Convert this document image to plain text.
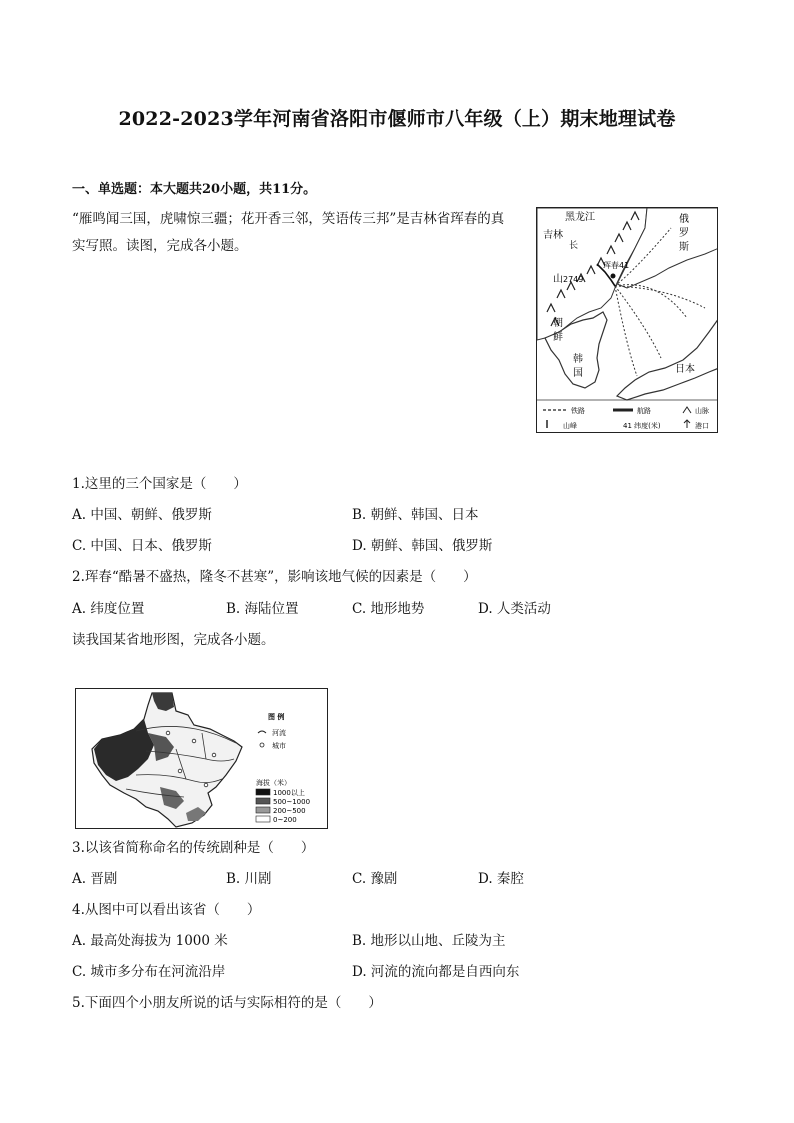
2022-2023学年河南省洛阳市偃师市八年级（上）期末地理试卷
一、单选题：本大题共20小题，共11分。
“雁鸣闻三国，虎啸惊三疆；花开香三邻，笑语传三邦”是吉林省珲春的真实写照。读图，完成各小题。
黑龙江
吉林
长
山 2749
珲春41
俄
罗
斯
朝
鲜
韩
国	日本
铁路	航路	山脉
山峰	41 纬度(米)	港口
1.这里的三个国家是（　　）
A. 中国、朝鲜、俄罗斯	B. 朝鲜、韩国、日本
C. 中国、日本、俄罗斯	D. 朝鲜、韩国、俄罗斯
2.珲春“酷暑不盛热，隆冬不甚寒”，影响该地气候的因素是（　　）
A. 纬度位置	B. 海陆位置	C. 地形地势	D. 人类活动
读我国某省地形图，完成各小题。
图 例
河流
城市
海拔（米）
1000以上
500~1000
200~500
0~200
3.以该省简称命名的传统剧种是（　　）
A. 晋剧	B. 川剧	C. 豫剧	D. 秦腔
4.从图中可以看出该省（　　）
A. 最高处海拔为 1000 米	B. 地形以山地、丘陵为主
C. 城市多分布在河流沿岸	D. 河流的流向都是自西向东
5.下面四个小朋友所说的话与实际相符的是（　　）
